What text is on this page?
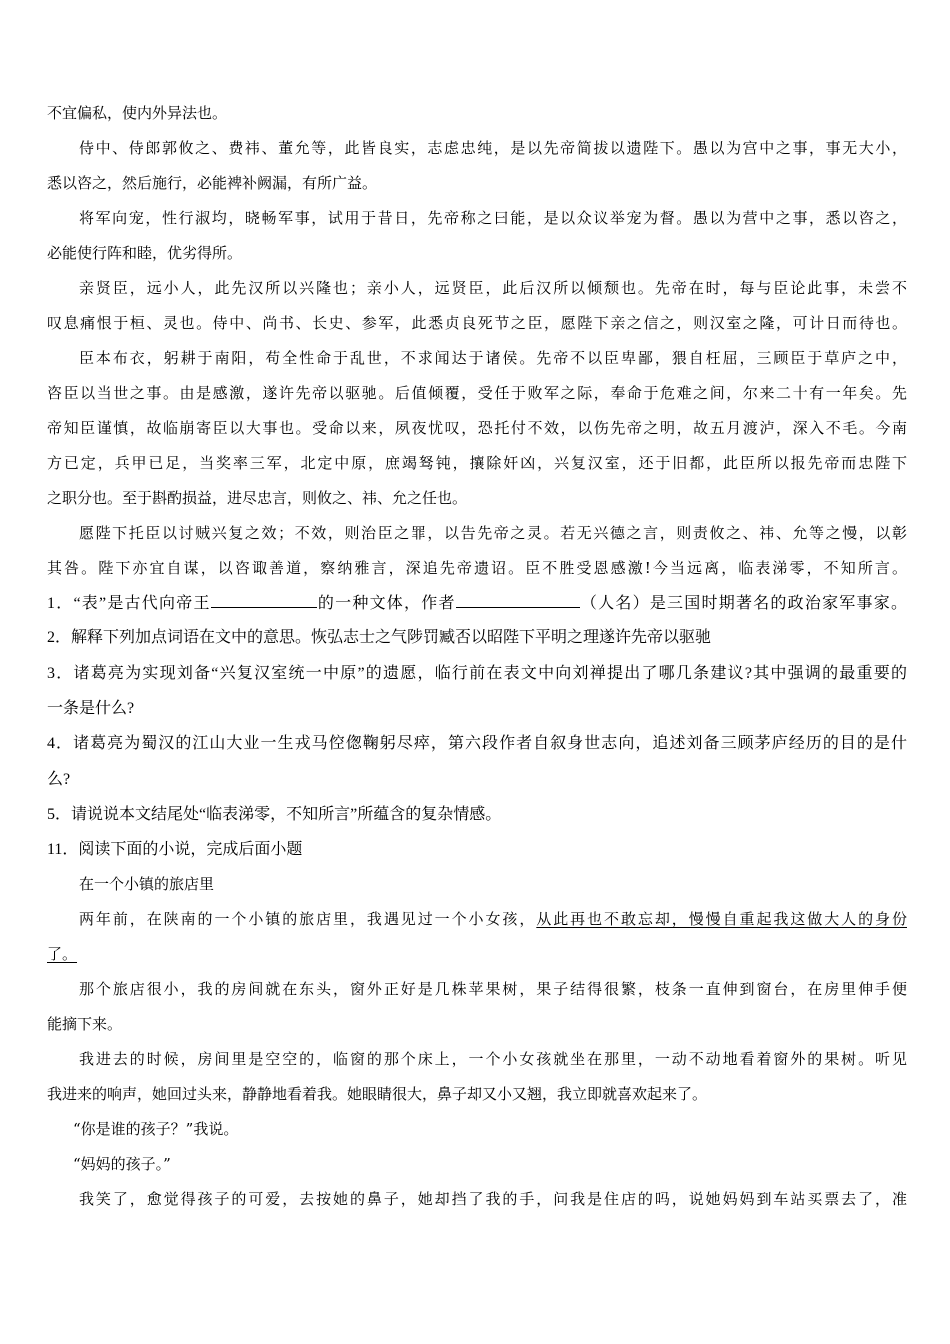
不宜偏私，使内外异法也。
侍中、侍郎郭攸之、费祎、董允等，此皆良实，志虑忠纯，是以先帝简拔以遗陛下。愚以为宫中之事，事无大小，
悉以咨之，然后施行，必能裨补阙漏，有所广益。
将军向宠，性行淑均，晓畅军事，试用于昔日，先帝称之曰能，是以众议举宠为督。愚以为营中之事，悉以咨之，
必能使行阵和睦，优劣得所。
亲贤臣，远小人，此先汉所以兴隆也；亲小人，远贤臣，此后汉所以倾颓也。先帝在时，每与臣论此事，未尝不
叹息痛恨于桓、灵也。侍中、尚书、长史、参军，此悉贞良死节之臣，愿陛下亲之信之，则汉室之隆，可计日而待也。
臣本布衣，躬耕于南阳，苟全性命于乱世，不求闻达于诸侯。先帝不以臣卑鄙，猥自枉屈，三顾臣于草庐之中，
咨臣以当世之事。由是感激，遂许先帝以驱驰。后值倾覆，受任于败军之际，奉命于危难之间，尔来二十有一年矣。先
帝知臣谨慎，故临崩寄臣以大事也。受命以来，夙夜忧叹，恐托付不效，以伤先帝之明，故五月渡泸，深入不毛。今南
方已定，兵甲已足，当奖率三军，北定中原，庶竭驽钝，攘除奸凶，兴复汉室，还于旧都，此臣所以报先帝而忠陛下
之职分也。至于斟酌损益，进尽忠言，则攸之、祎、允之任也。
愿陛下托臣以讨贼兴复之效；不效，则治臣之罪，以告先帝之灵。若无兴德之言，则责攸之、祎、允等之慢，以彰
其咎。陛下亦宜自谋，以咨诹善道，察纳雅言，深追先帝遗诏。臣不胜受恩感激!今当远离，临表涕零，不知所言。
1．“表”是古代向帝王	的一种文体，作者	（人名）是三国时期著名的政治家军事家。
2．解释下列加点词语在文中的意思。恢弘志士之气陟罚臧否以昭陛下平明之理遂许先帝以驱驰
3．诸葛亮为实现刘备“兴复汉室统一中原”的遗愿，临行前在表文中向刘禅提出了哪几条建议?其中强调的最重要的
一条是什么?
4．诸葛亮为蜀汉的江山大业一生戎马倥偬鞠躬尽瘁，第六段作者自叙身世志向，追述刘备三顾茅庐经历的目的是什
么?
5．请说说本文结尾处“临表涕零，不知所言”所蕴含的复杂情感。
11．阅读下面的小说，完成后面小题
在一个小镇的旅店里
两年前，在陕南的一个小镇的旅店里，我遇见过一个小女孩，从此再也不敢忘却，慢慢自重起我这做大人的身份
了。
那个旅店很小，我的房间就在东头，窗外正好是几株苹果树，果子结得很繁，枝条一直伸到窗台，在房里伸手便
能摘下来。
我进去的时候，房间里是空空的，临窗的那个床上，一个小女孩就坐在那里，一动不动地看着窗外的果树。听见
我进来的响声，她回过头来，静静地看着我。她眼睛很大，鼻子却又小又翘，我立即就喜欢起来了。
“你是谁的孩子？”我说。
“妈妈的孩子。”
我笑了，愈觉得孩子的可爱，去按她的鼻子，她却挡了我的手，问我是住店的吗，说她妈妈到车站买票去了，准
